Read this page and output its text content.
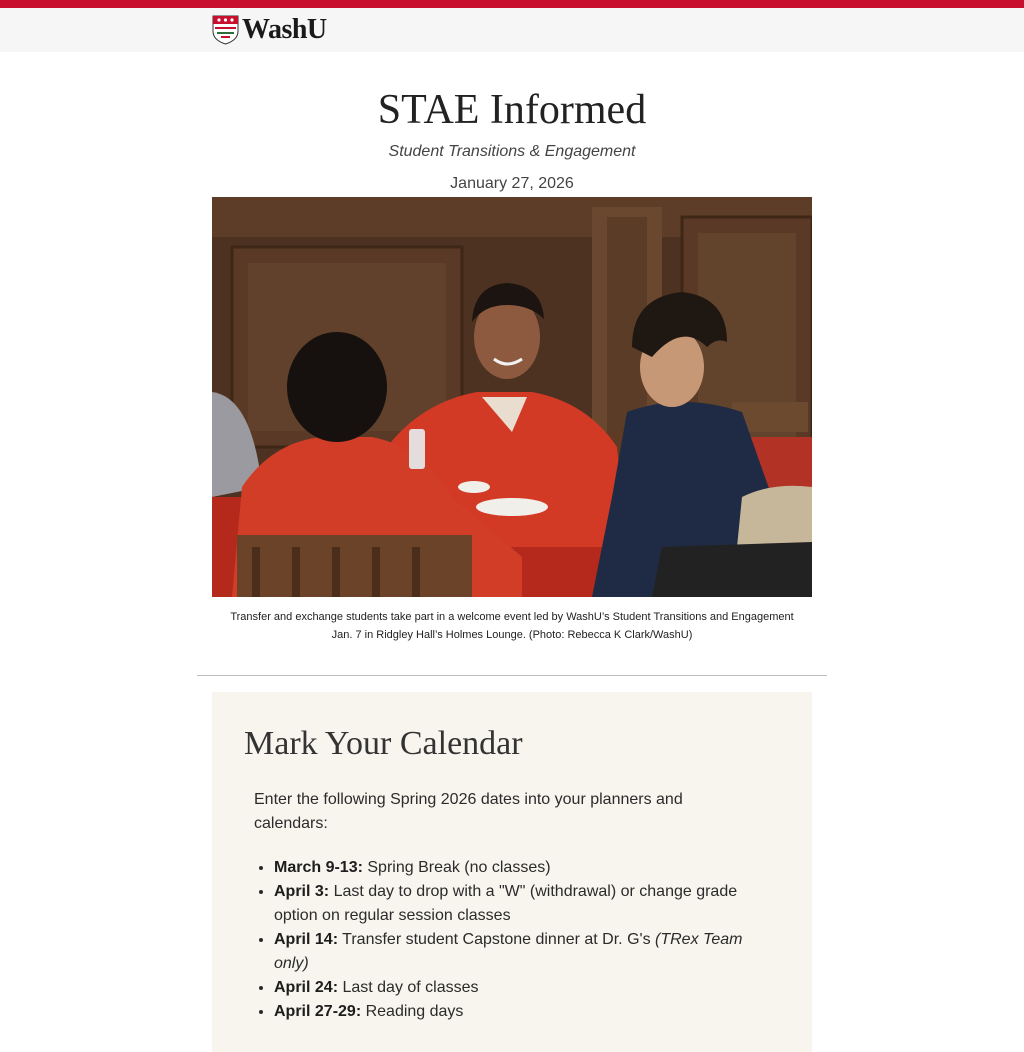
WashU
STAE Informed
Student Transitions & Engagement
January 27, 2026
Transfer and exchange students take part in a welcome event led by WashU’s Student Transitions and Engagement
Jan. 7 in Ridgley Hall’s Holmes Lounge. (Photo: Rebecca K Clark/WashU)
Mark Your Calendar

Enter the following Spring 2026 dates into your planners and calendars:

• March 9-13: Spring Break (no classes)
• April 3: Last day to drop with a "W" (withdrawal) or change grade option on regular session classes
• April 14: Transfer student Capstone dinner at Dr. G's (TRex Team only)
• April 24: Last day of classes
• April 27-29: Reading days
